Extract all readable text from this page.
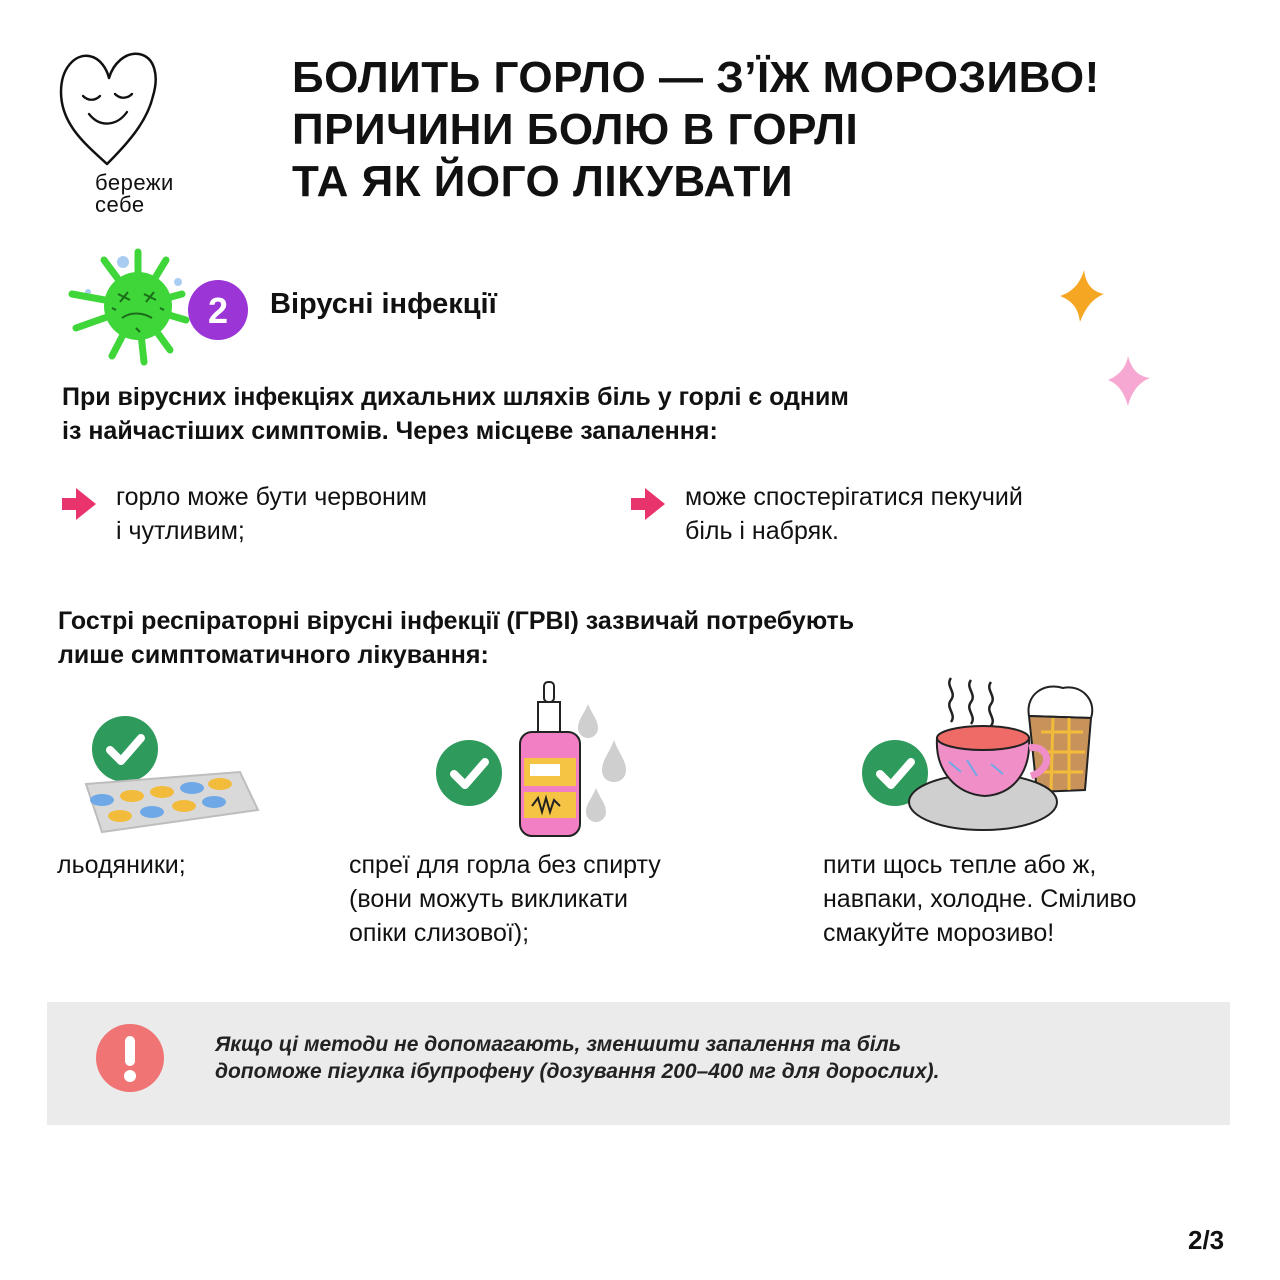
бережи
себе
БОЛИТЬ ГОРЛО — З’ЇЖ МОРОЗИВО!
ПРИЧИНИ БОЛЮ В ГОРЛІ
ТА ЯК ЙОГО ЛІКУВАТИ
2 Вірусні інфекції
При вірусних інфекціях дихальних шляхів біль у горлі є одним
із найчастіших симптомів. Через місцеве запалення:
горло може бути червоним
і чутливим;
може спостерігатися пекучий
біль і набряк.
Гострі респіраторні вірусні інфекції (ГРВІ) зазвичай потребують
лише симптоматичного лікування:
льодяники;	спреї для горла без спирту
(вони можуть викликати
опіки слизової);
пити щось тепле або ж,
навпаки, холодне. Сміливо
смакуйте морозиво!
Якщо ці методи не допомагають, зменшити запалення та біль
допоможе пігулка ібупрофену (дозування 200–400 мг для дорослих).
2/3
